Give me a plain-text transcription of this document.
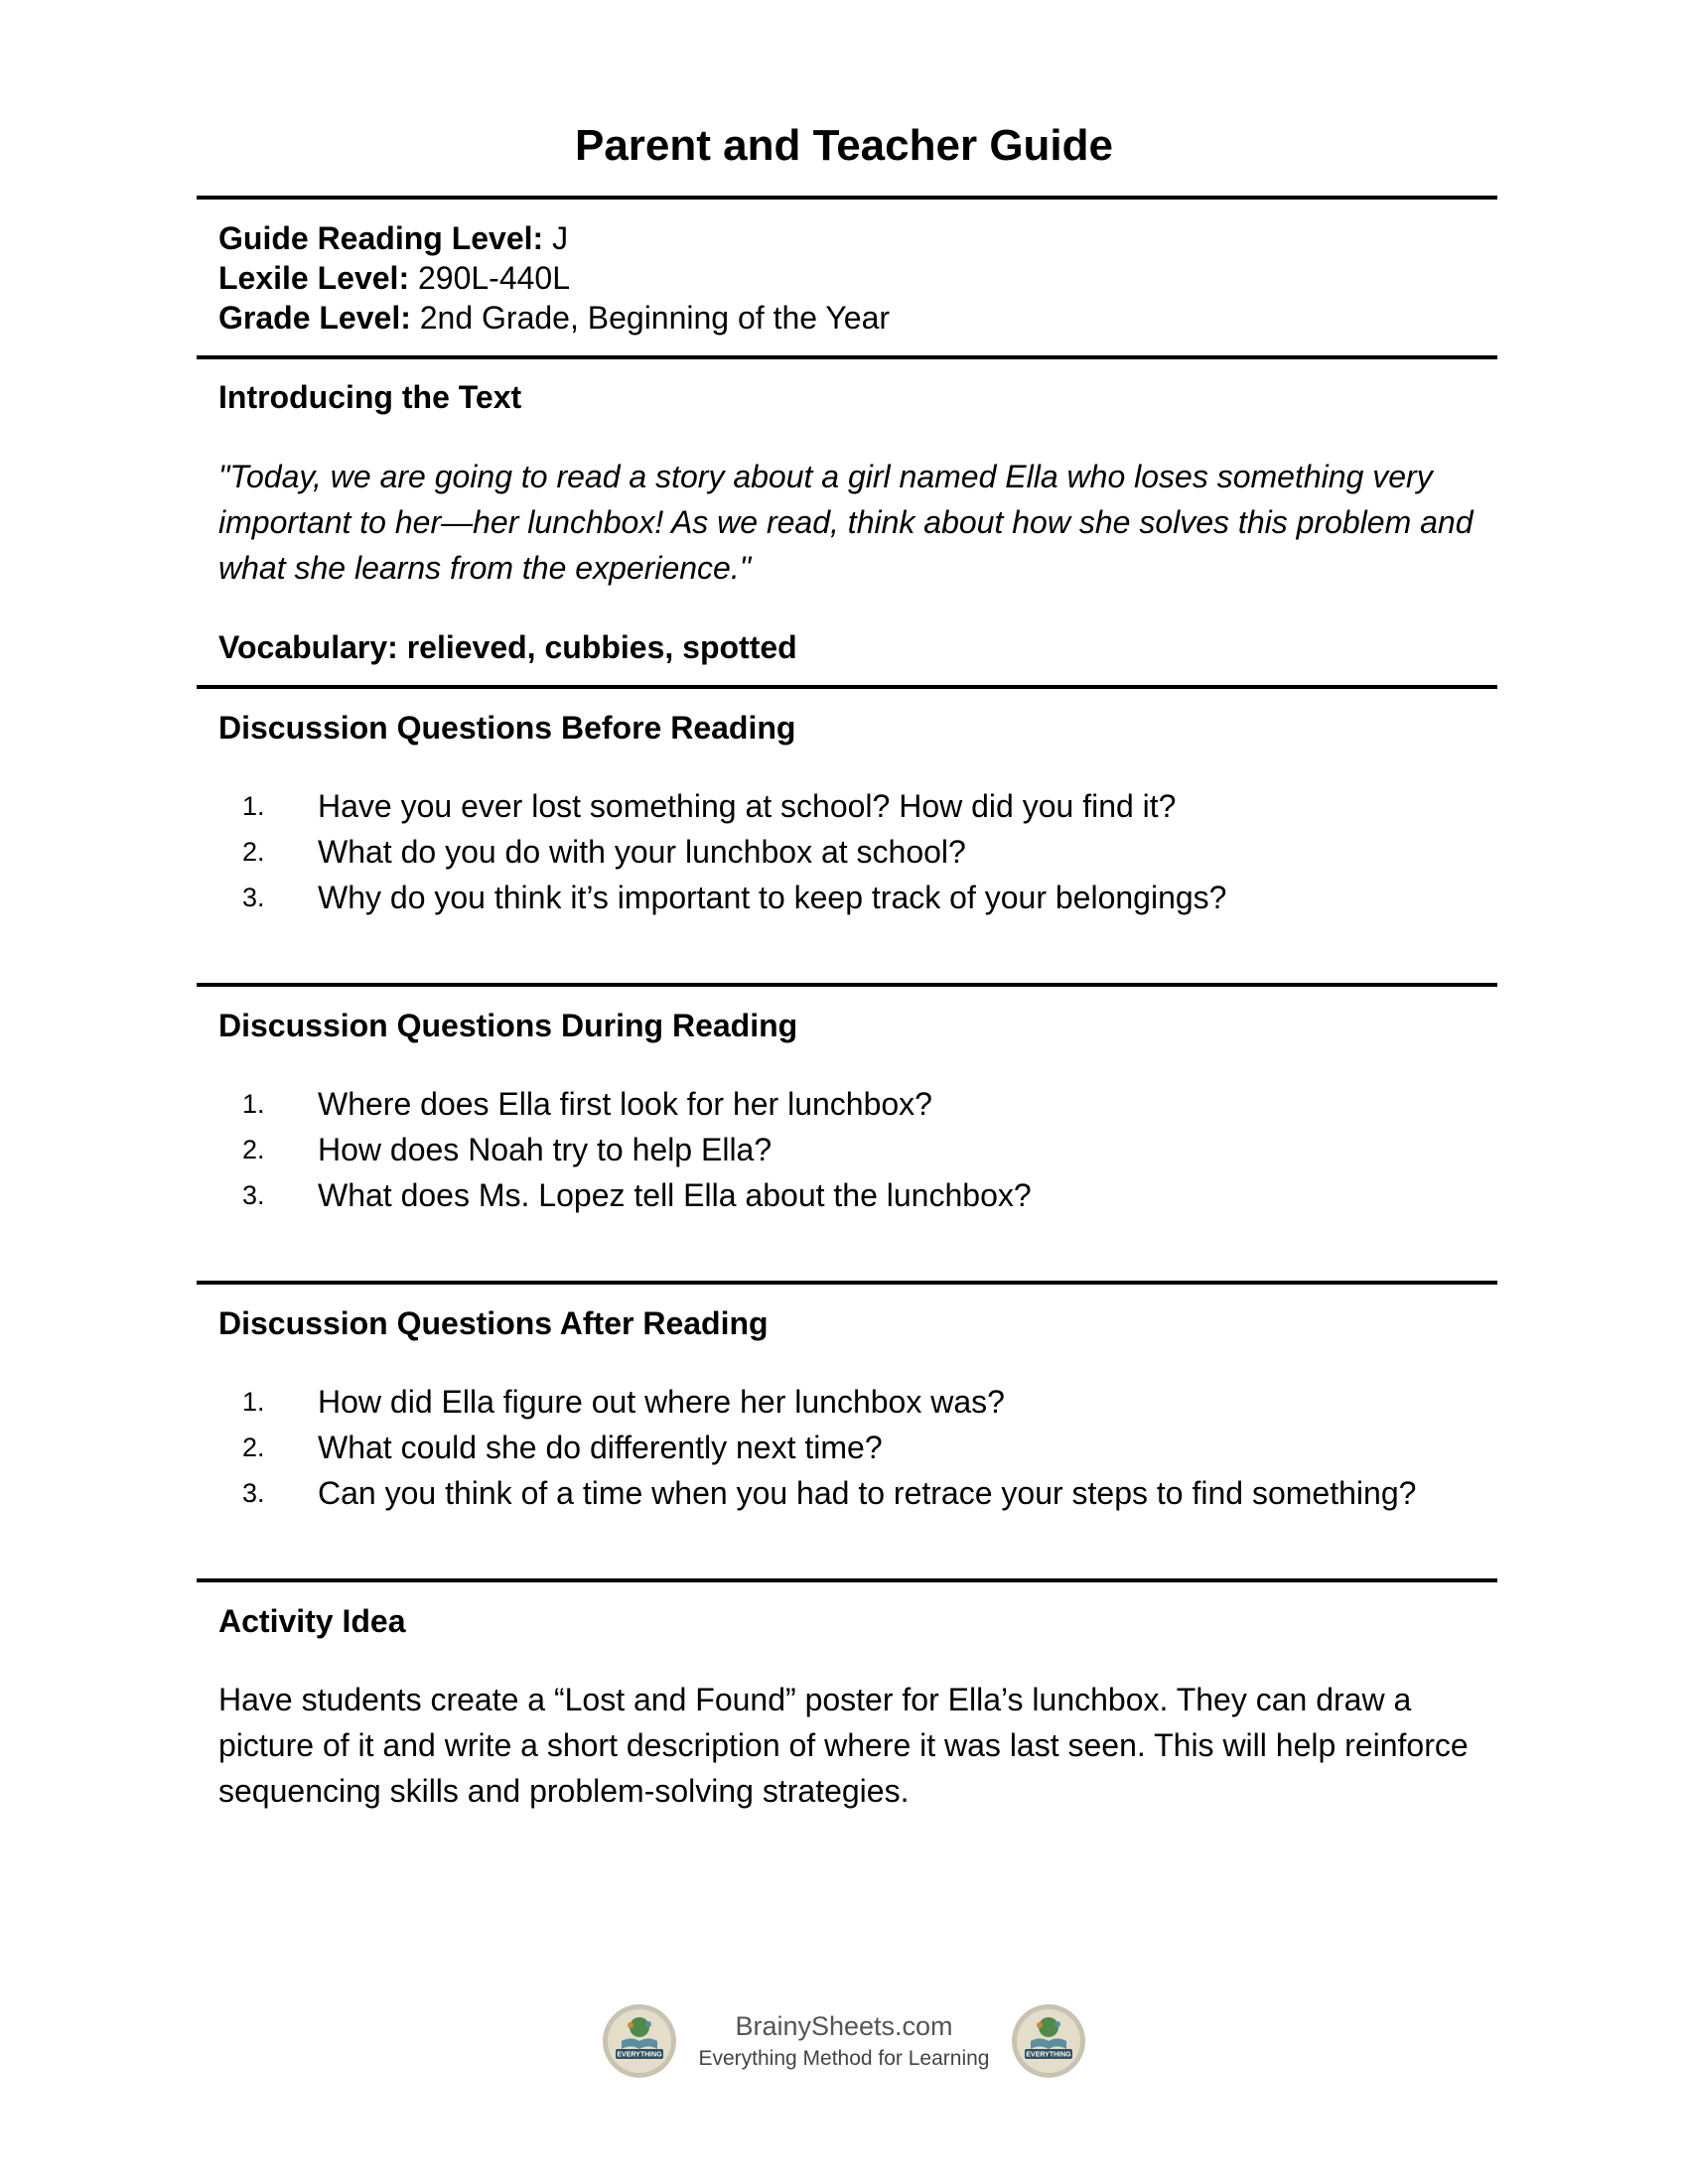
Parent and Teacher Guide
Guide Reading Level: J
Lexile Level: 290L-440L
Grade Level: 2nd Grade, Beginning of the Year
Introducing the Text
"Today, we are going to read a story about a girl named Ella who loses something very important to her—her lunchbox! As we read, think about how she solves this problem and what she learns from the experience."
Vocabulary: relieved, cubbies, spotted
Discussion Questions Before Reading
1. Have you ever lost something at school? How did you find it?
2. What do you do with your lunchbox at school?
3. Why do you think it’s important to keep track of your belongings?
Discussion Questions During Reading
1. Where does Ella first look for her lunchbox?
2. How does Noah try to help Ella?
3. What does Ms. Lopez tell Ella about the lunchbox?
Discussion Questions After Reading
1. How did Ella figure out where her lunchbox was?
2. What could she do differently next time?
3. Can you think of a time when you had to retrace your steps to find something?
Activity Idea
Have students create a “Lost and Found” poster for Ella’s lunchbox. They can draw a picture of it and write a short description of where it was last seen. This will help reinforce sequencing skills and problem-solving strategies.
EVERYTHING
BrainySheets.com
Everything Method for Learning	EVERYTHING
